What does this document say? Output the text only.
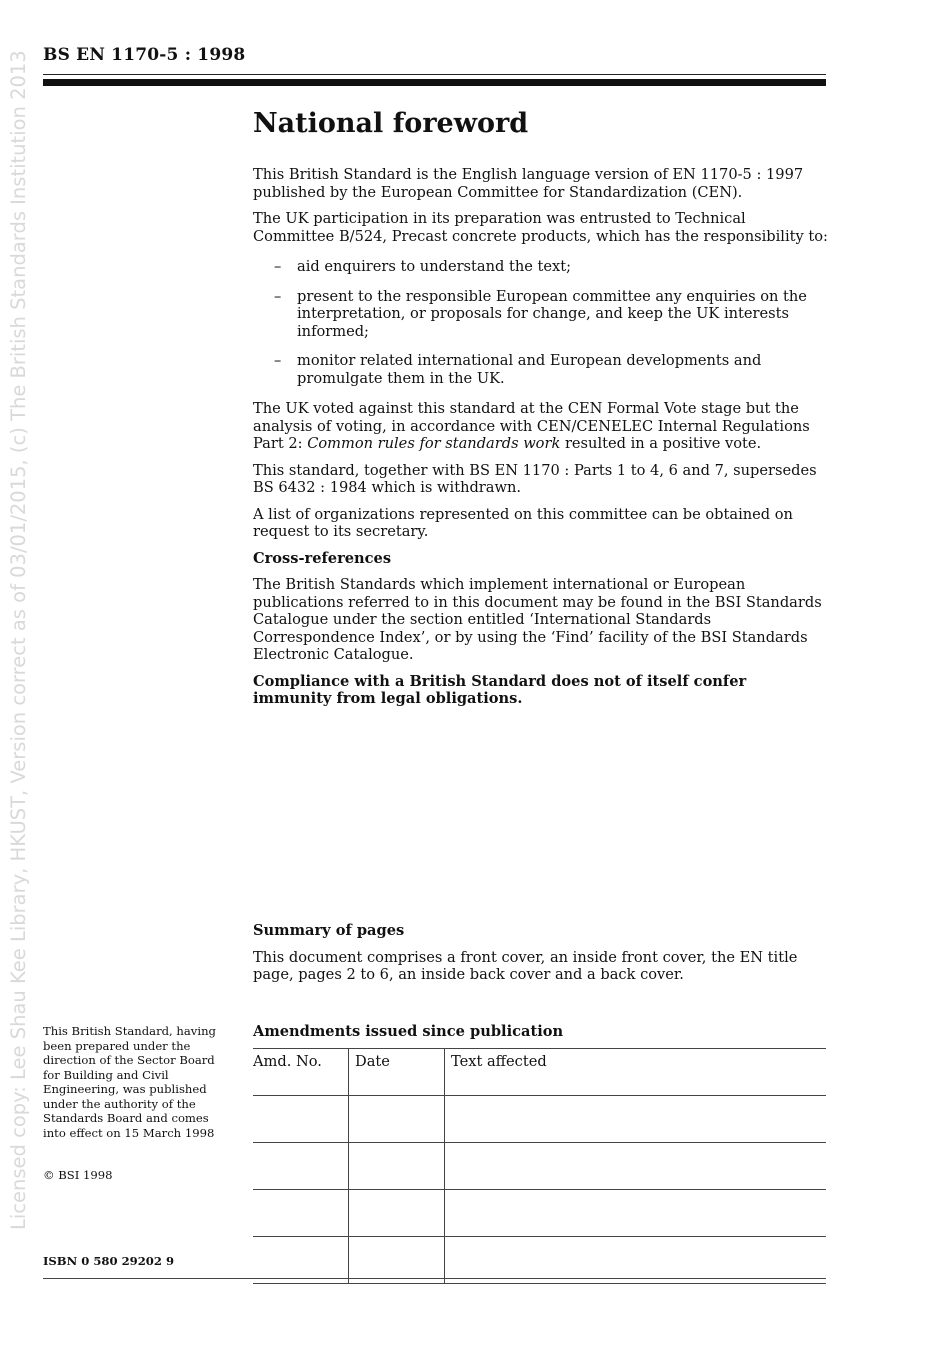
BS EN 1170-5 : 1998
Licensed copy: Lee Shau Kee Library, HKUST, Version correct as of 03/01/2015, (c) The British Standards Institution 2013	National foreword

This British Standard is the English language version of EN 1170-5 : 1997 published by the European Committee for Standardization (CEN).

The UK participation in its preparation was entrusted to Technical Committee B/524, Precast concrete products, which has the responsibility to:

– aid enquirers to understand the text;
– present to the responsible European committee any enquiries on the interpretation, or proposals for change, and keep the UK interests informed;
– monitor related international and European developments and promulgate them in the UK.

The UK voted against this standard at the CEN Formal Vote stage but the analysis of voting, in accordance with CEN/CENELEC Internal Regulations Part 2: Common rules for standards work resulted in a positive vote.

This standard, together with BS EN 1170 : Parts 1 to 4, 6 and 7, supersedes BS 6432 : 1984 which is withdrawn.

A list of organizations represented on this committee can be obtained on request to its secretary.

Cross-references

The British Standards which implement international or European publications referred to in this document may be found in the BSI Standards Catalogue under the section entitled ‘International Standards Correspondence Index’, or by using the ‘Find’ facility of the BSI Standards Electronic Catalogue.

Compliance with a British Standard does not of itself confer immunity from legal obligations.

Summary of pages

This document comprises a front cover, an inside front cover, the EN title page, pages 2 to 6, an inside back cover and a back cover.

Amendments issued since publication
Amd. No.	Date	Text affected

This British Standard, having been prepared under the direction of the Sector Board for Building and Civil Engineering, was published under the authority of the Standards Board and comes into effect on 15 March 1998
© BSI 1998
ISBN 0 580 29202 9
